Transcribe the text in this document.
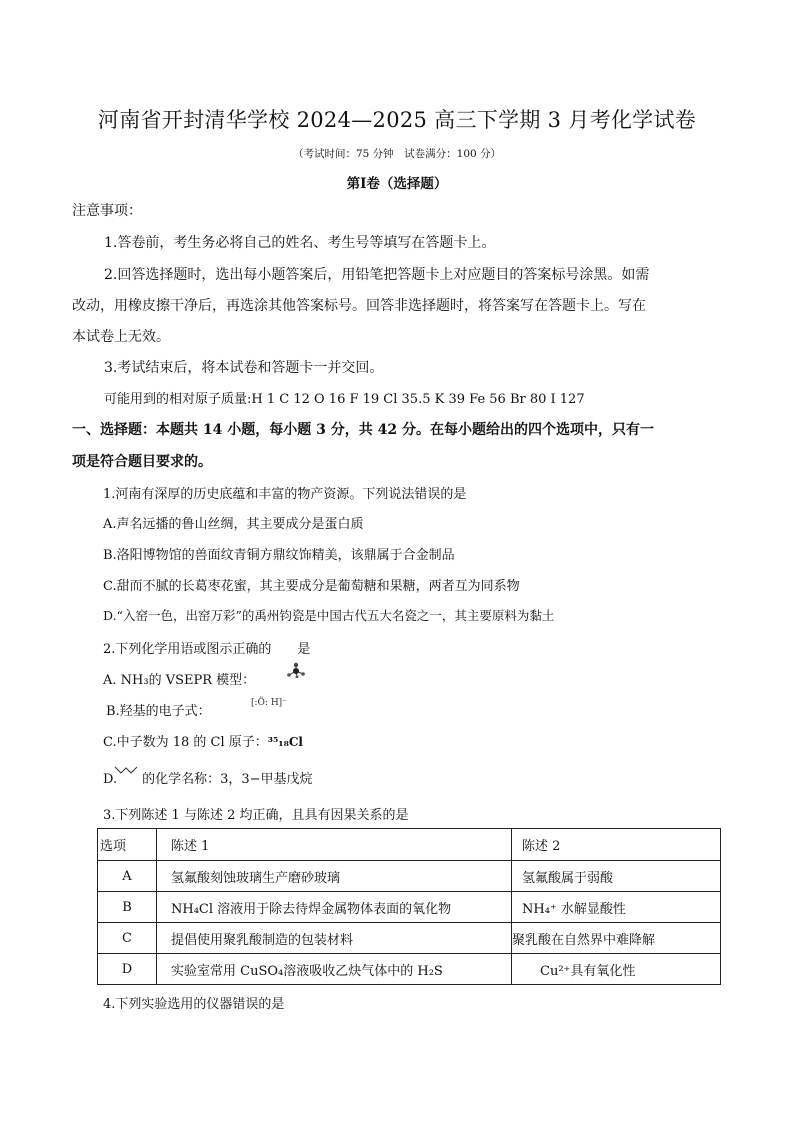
河南省开封清华学校 2024—2025 高三下学期 3 月考化学试卷
（考试时间：75 分钟　试卷满分：100 分）
第Ⅰ卷（选择题）
注意事项：
1.答卷前，考生务必将自己的姓名、考生号等填写在答题卡上。
2.回答选择题时，选出每小题答案后，用铅笔把答题卡上对应题目的答案标号涂黑。如需
改动，用橡皮擦干净后，再选涂其他答案标号。回答非选择题时，将答案写在答题卡上。写在
本试卷上无效。
3.考试结束后，将本试卷和答题卡一并交回。
可能用到的相对原子质量:H 1 C 12 O 16 F 19 Cl 35.5 K 39 Fe 56 Br 80 I 127
一、选择题：本题共 14 小题，每小题 3 分，共 42 分。在每小题给出的四个选项中，只有一
项是符合题目要求的。
1.河南有深厚的历史底蕴和丰富的物产资源。下列说法错误的是
A.声名远播的鲁山丝绸，其主要成分是蛋白质
B.洛阳博物馆的兽面纹青铜方鼎纹饰精美，该鼎属于合金制品
C.甜而不腻的长葛枣花蜜，其主要成分是葡萄糖和果糖，两者互为同系物
D.“入窑一色，出窑万彩”的禹州钧瓷是中国古代五大名瓷之一，其主要原料为黏土
2.下列化学用语或图示正确的 是
A. NH₃的 VSEPR 模型：
B.羟基的电子式：
[:Ö: H]⁻
C.中子数为 18 的 Cl 原子：³⁵₁₈Cl
D. 的化学名称：3，3−甲基戊烷
3.下列陈述 1 与陈述 2 均正确，且具有因果关系的是
选项	陈述 1	陈述 2
A	氢氟酸刻蚀玻璃生产磨砂玻璃	氢氟酸属于弱酸
B	NH₄Cl 溶液用于除去待焊金属物体表面的氧化物	NH₄⁺ 水解显酸性
C	提倡使用聚乳酸制造的包装材料	聚乳酸在自然界中难降解
D	实验室常用 CuSO₄溶液吸收乙炔气体中的 H₂S	Cu²⁺具有氧化性
4.下列实验选用的仪器错误的是
